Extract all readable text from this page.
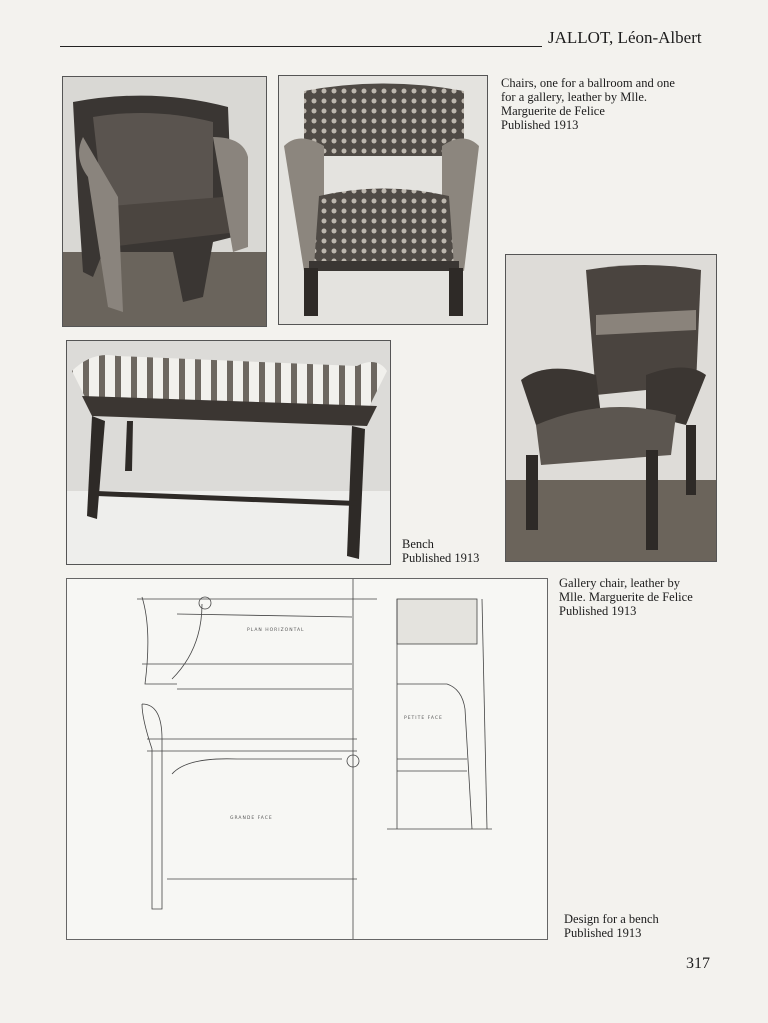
JALLOT, Léon-Albert
Chairs, one for a ballroom and one
for a gallery, leather by Mlle.
Marguerite de Felice
Published 1913
Bench
Published 1913
Gallery chair, leather by
Mlle. Marguerite de Felice
Published 1913
PLAN HORIZONTAL
PETITE FACE
GRANDE FACE
Design for a bench
Published 1913
317
